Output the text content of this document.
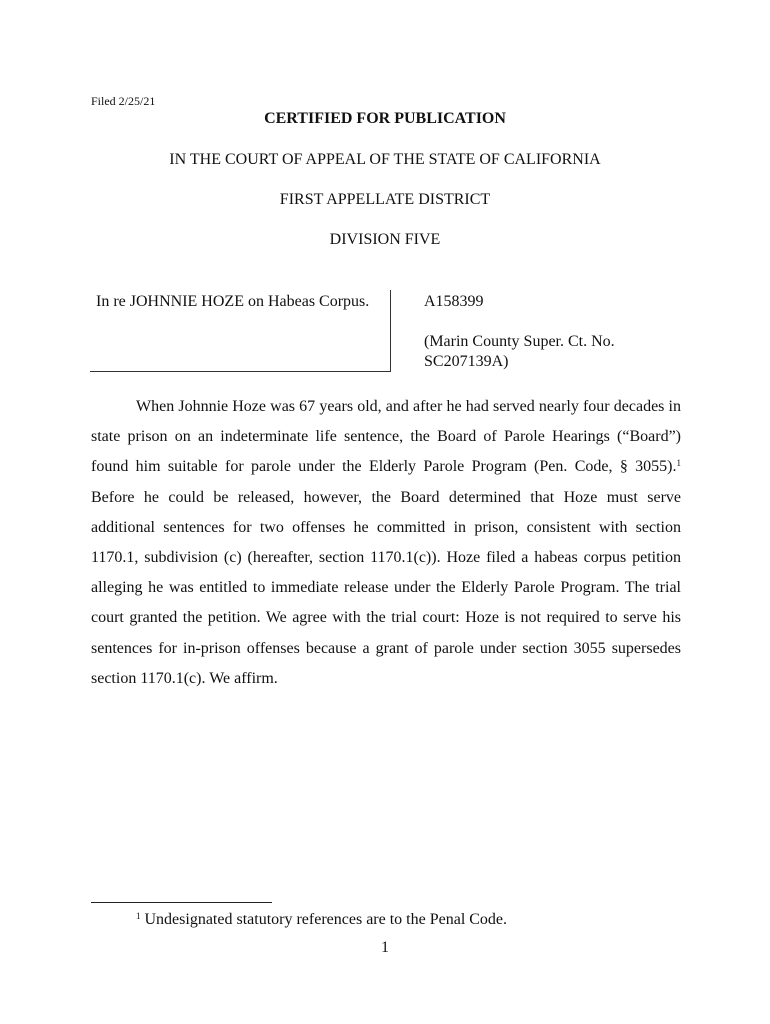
Filed 2/25/21
CERTIFIED FOR PUBLICATION
IN THE COURT OF APPEAL OF THE STATE OF CALIFORNIA
FIRST APPELLATE DISTRICT
DIVISION FIVE
In re JOHNNIE HOZE on Habeas Corpus.	A158399
(Marin County Super. Ct. No. SC207139A)

When Johnnie Hoze was 67 years old, and after he had served nearly four decades in state prison on an indeterminate life sentence, the Board of Parole Hearings (“Board”) found him suitable for parole under the Elderly Parole Program (Pen. Code, § 3055).$^1$ Before he could be released, however, the Board determined that Hoze must serve additional sentences for two offenses he committed in prison, consistent with section 1170.1, subdivision (c) (hereafter, section 1170.1(c)). Hoze filed a habeas corpus petition alleging he was entitled to immediate release under the Elderly Parole Program. The trial court granted the petition. We agree with the trial court: Hoze is not required to serve his sentences for in-prison offenses because a grant of parole under section 3055 supersedes section 1170.1(c). We affirm.

$^1$ Undesignated statutory references are to the Penal Code.
1
